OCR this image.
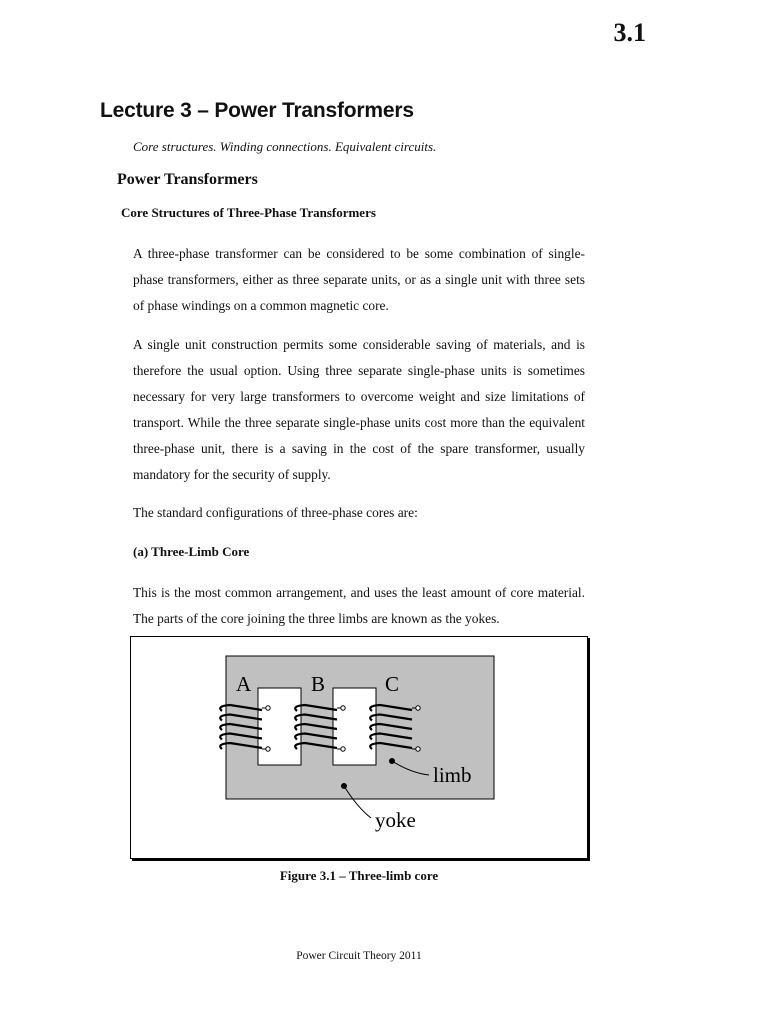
3.1
Lecture 3 – Power Transformers
Core structures. Winding connections. Equivalent circuits.
Power Transformers
Core Structures of Three-Phase Transformers

A three-phase transformer can be considered to be some combination of single-phase transformers, either as three separate units, or as a single unit with three sets of phase windings on a common magnetic core.

A single unit construction permits some considerable saving of materials, and is therefore the usual option. Using three separate single-phase units is sometimes necessary for very large transformers to overcome weight and size limitations of transport. While the three separate single-phase units cost more than the equivalent three-phase unit, there is a saving in the cost of the spare transformer, usually mandatory for the security of supply.

The standard configurations of three-phase cores are:

(a) Three-Limb Core

This is the most common arrangement, and uses the least amount of core material. The parts of the core joining the three limbs are known as the yokes.

A	B	C
limb
yoke
Figure 3.1 – Three-limb core
Power Circuit Theory 2011
